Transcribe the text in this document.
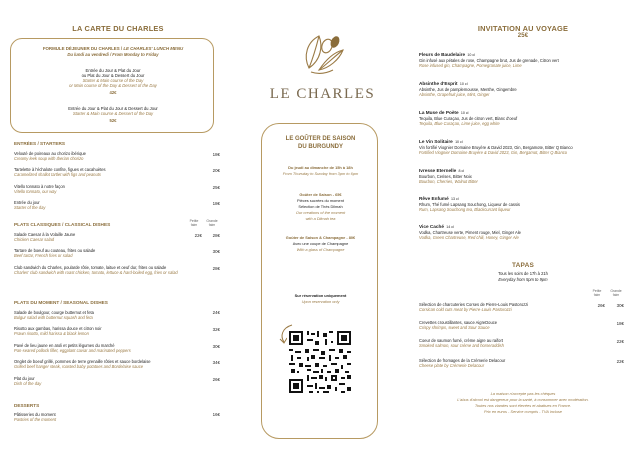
LA CARTE DU CHARLES
FORMULE DÉJEUNER DU CHARLES / LE CHARLES' LUNCH MENU
Du lundi au vendredi / From Monday to Friday
Entrée du Jour & Plat du Jour
ou Plat du Jour & Dessert du Jour
Starter & Main course of the Day
or Main course of the Day & Dessert of the Day
42€
Entrée du Jour & Plat du Jour & Dessert du Jour
Starter & Main course & Dessert of the Day
52€
ENTRÉES / STARTERS
Velouté de poireaux au chorizo ibérique
Creamy leek soup with Iberian chorizo
18€
Tartelette à l'échalote confite, figues et cacahuètes
Caramelized shallot tartlet with figs and peanuts
20€
Vitello tonnato à notre façon
Vitello tonnato, our way
25€
Entrée du jour
Starter of the day
18€
PLATS CLASSIQUES / CLASSICAL DISHES
Petite
faim
Grande
faim
Salade Caesar à la Volaille Jaune
Chicken Caesar salad
22€	28€
Tartare de boeuf au couteau, frites ou salade
Beef tartar, French fries or salad
30€
Club sandwich du Charles, poularde rôtie, tomate, laitue et oeuf dur, frites ou salade
Charles' club sandwich with roast chicken, tomato, lettuce & hard-boiled egg, fries or salad
28€
PLATS DU MOMENT / SEASONAL DISHES
Salade de boulgour, courge butternut et feta
Bulgur salad with butternut squash and feta
24€
Risotto aux gambas, harissa douce et citron noir
Prawn risotto, mild harissa & black lemon
32€
Pavé de lieu jaune en aïoli et petits légumes du marché
Pan-seared pollock fillet, eggplant caviar and marinated peppers
30€
Onglet de boeuf grillé, pommes de terre grenaille rôties et sauce bordelaise
Grilled beef hanger steak, roasted baby potatoes and Bordelaise sauce
34€
Plat du jour
Dish of the day
26€
DESSERTS
Pâtisseries du moment
Pastries of the moment
16€
LE CHARLES
LE GOÛTER DE SAISON
DU BURGUNDY
Du jeudi au dimanche de 15h à 18h
From Thursday to Sunday from 3pm to 6pm
Goûter de Saison - 65€
Pièces sucrées du moment
Sélection de Thés Dilmah
Our creations of the moment
with a Dilmah tea
Goûter de Saison & Champagne - 80€
Avec une coupe de Champagne
With a glass of Champagne
Sur réservation uniquement
Upon reservation only
INVITATION AU VOYAGE
25€
Fleurs de Baudelaire 10 cl
Gin infusé aux pétales de rose, Champagne brut, Jus de grenade, Citron vert
Rose infused gin, Champagne, Pomegranate juice, Lime
Absinthe d'Esprit 10 cl
Absinthe, Jus de pamplemousse, Menthe, Gingembre
Absinthe, Grapefruit juice, Mint, Ginger
La Muse de Poète 10 cl
Tequila, Blue Curaçao, Jus de citron vert, Blanc d'oeuf
Tequila, Blue Curaçao, Lime juice, egg white
Le Vin Solitaire 10 cl
Vin fortifié Viognier Domaine Bruyère & David 2023, Gin, Bergamote, Bitter Q Bianco
Fortified Viognier Domaine Bruyère & David 2023, Gin, Bergamot, Bitter Q Bianco
Ivresse Eternelle 8 cl
Bourbon, Cerises, Bitter Noix
Bourbon, Cherries, Walnut Bitter
Rêve Enfumé 13 cl
Rhum, Thé fumé Lapsang Souchong, Liqueur de cassis
Rum, Lapsang Souchong tea, Blackcurrant liqueur
Vice Caché 14 cl
Vodka, Chartreuse verte, Piment rouge, Miel, Ginger Ale
Vodka, Green Chartreuse, Red chili, Honey, Ginger Ale
TAPAS
Tous les soirs de 17h à 21h
Everyday from 5pm to 9pm
Petite
faim
Grande
faim
Sélection de charcuteries Corses de Pierre-Louis Pastorozzi
Corsican cold cuts meat by Pierre-Louis Pastorozzi
26€	30€
Crevettes croustillantes, sauce AigreDouce
Crispy shrimps, sweet and Sour Sauce
18€
Coeur de saumon fumé, crème aigre au raifort
Smoked salmon, sour crème and horseraddish
22€
Sélection de fromages de la Crèmerie Delacour
Cheese plate by Crèmerie Delacour
22€
La maison n'accepte pas les chèques
L'abus d'alcool est dangereux pour la santé, à consommer avec modération.
Toutes nos viandes sont élevées et abattues en France.
Prix en euros - Service compris - TVA incluse
